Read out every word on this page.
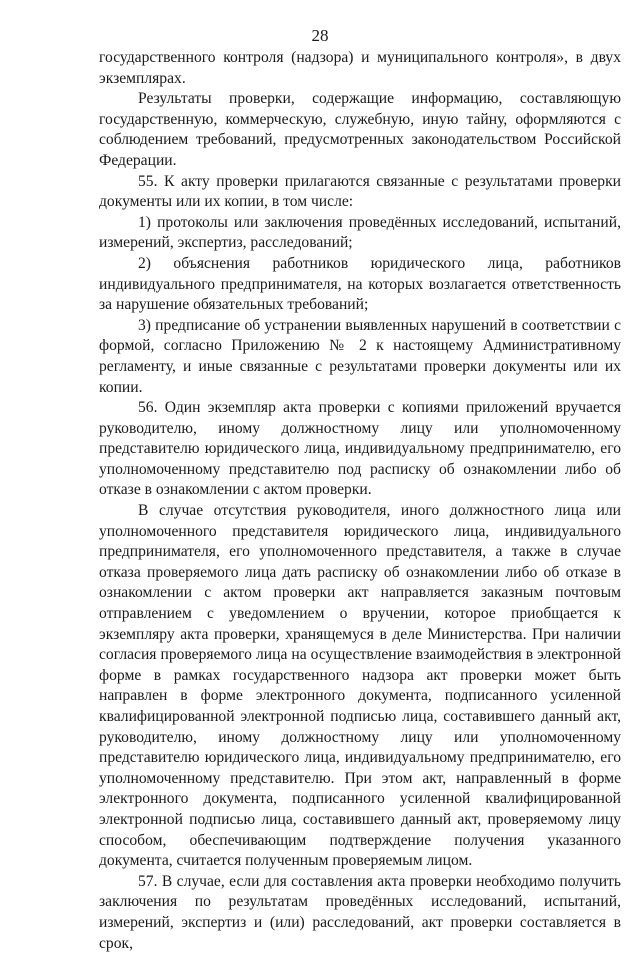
28

государственного контроля (надзора) и муниципального контроля», в двух экземплярах.

Результаты проверки, содержащие информацию, составляющую государственную, коммерческую, служебную, иную тайну, оформляются с соблюдением требований, предусмотренных законодательством Российской Федерации.

55. К акту проверки прилагаются связанные с результатами проверки документы или их копии, в том числе:

1) протоколы или заключения проведённых исследований, испытаний, измерений, экспертиз, расследований;

2) объяснения работников юридического лица, работников индивидуального предпринимателя, на которых возлагается ответственность за нарушение обязательных требований;

3) предписание об устранении выявленных нарушений в соответствии с формой, согласно Приложению № 2 к настоящему Административному регламенту, и иные связанные с результатами проверки документы или их копии.

56. Один экземпляр акта проверки с копиями приложений вручается руководителю, иному должностному лицу или уполномоченному представителю юридического лица, индивидуальному предпринимателю, его уполномоченному представителю под расписку об ознакомлении либо об отказе в ознакомлении с актом проверки.

В случае отсутствия руководителя, иного должностного лица или уполномоченного представителя юридического лица, индивидуального предпринимателя, его уполномоченного представителя, а также в случае отказа проверяемого лица дать расписку об ознакомлении либо об отказе в ознакомлении с актом проверки акт направляется заказным почтовым отправлением с уведомлением о вручении, которое приобщается к экземпляру акта проверки, хранящемуся в деле Министерства. При наличии согласия проверяемого лица на осуществление взаимодействия в электронной форме в рамках государственного надзора акт проверки может быть направлен в форме электронного документа, подписанного усиленной квалифицированной электронной подписью лица, составившего данный акт, руководителю, иному должностному лицу или уполномоченному представителю юридического лица, индивидуальному предпринимателю, его уполномоченному представителю. При этом акт, направленный в форме электронного документа, подписанного усиленной квалифицированной электронной подписью лица, составившего данный акт, проверяемому лицу способом, обеспечивающим подтверждение получения указанного документа, считается полученным проверяемым лицом.

57. В случае, если для составления акта проверки необходимо получить заключения по результатам проведённых исследований, испытаний, измерений, экспертиз и (или) расследований, акт проверки составляется в срок,
